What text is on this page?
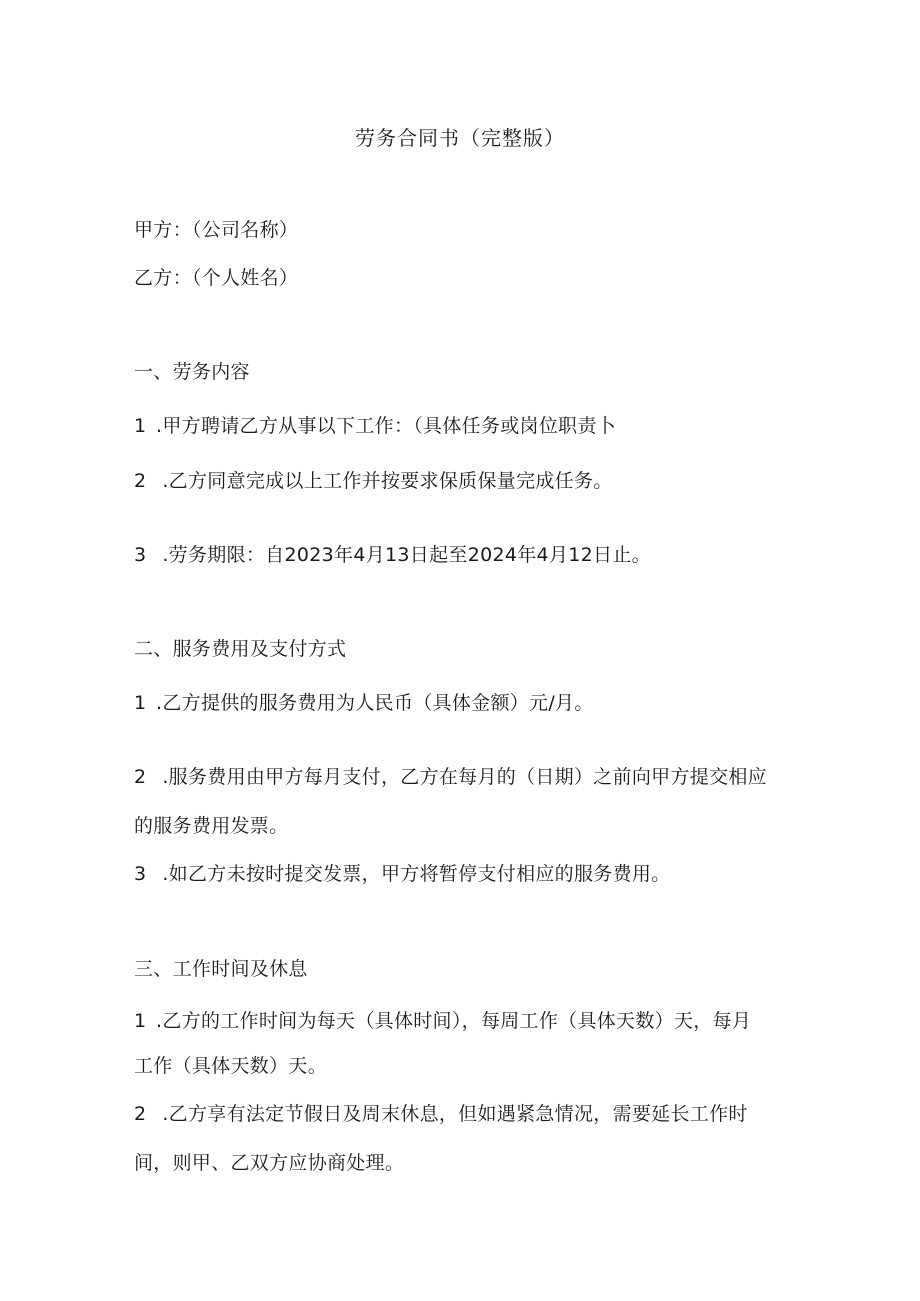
劳务合同书（完整版）
甲方：（公司名称）
乙方：（个人姓名）
一、劳务内容
1 .甲方聘请乙方从事以下工作：（具体任务或岗位职责卜
2 .乙方同意完成以上工作并按要求保质保量完成任务。
3 .劳务期限：自2023年4月13日起至2024年4月12日止。
二、服务费用及支付方式
1 .乙方提供的服务费用为人民币（具体金额）元/月。
2 .服务费用由甲方每月支付，乙方在每月的（日期）之前向甲方提交相应
的服务费用发票。
3 .如乙方未按时提交发票，甲方将暂停支付相应的服务费用。
三、工作时间及休息
1 .乙方的工作时间为每天（具体时间），每周工作（具体天数）天，每月
工作（具体天数）天。
2 .乙方享有法定节假日及周末休息，但如遇紧急情况，需要延长工作时
间，则甲、乙双方应协商处理。
